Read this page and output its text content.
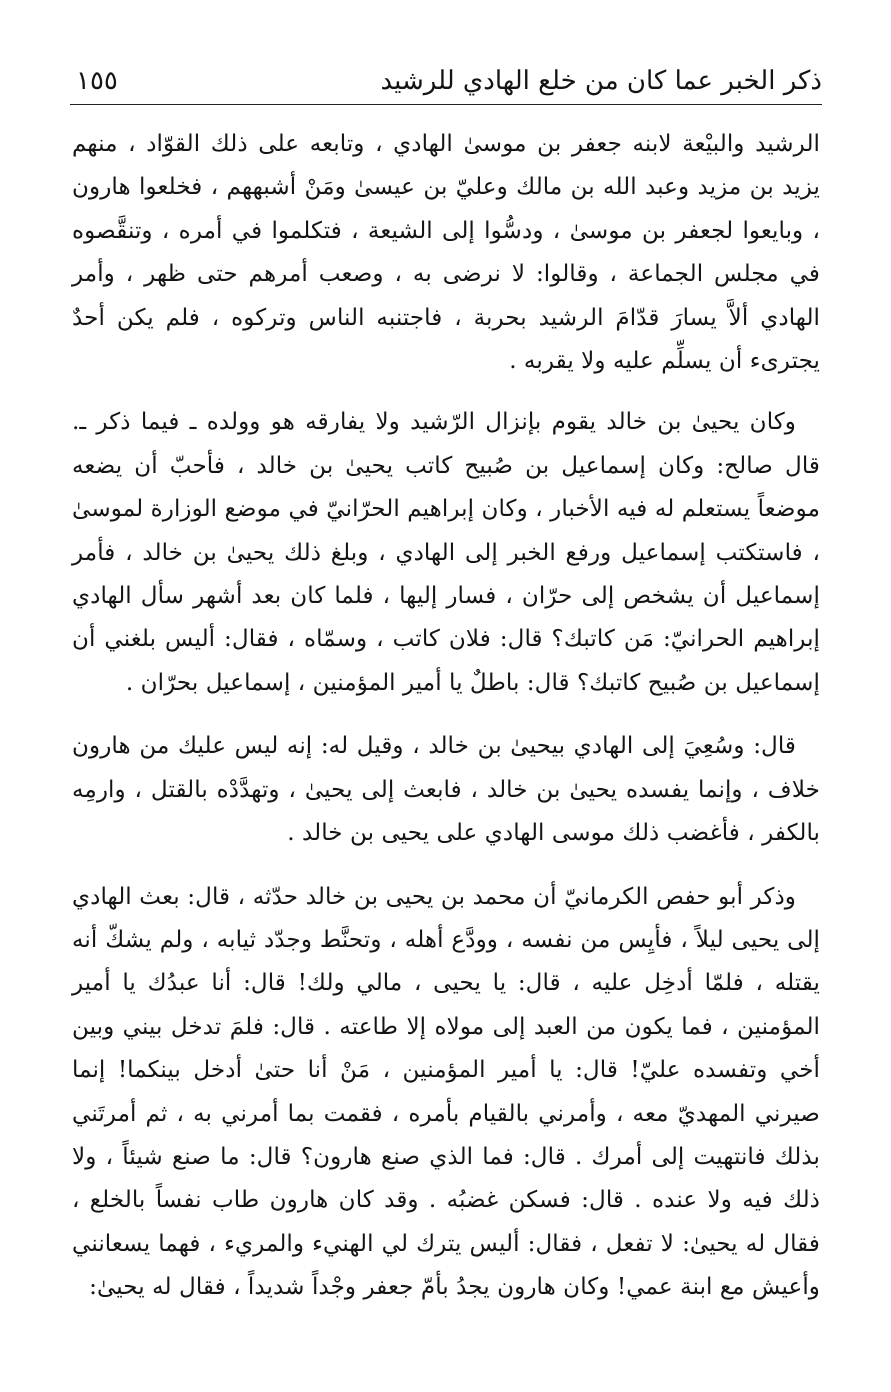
ذكر الخبر عما كان من خلع الهادي للرشيد
١٥٥

الرشيد والبيْعة لابنه جعفر بن موسىٰ الهادي ، وتابعه على ذلك القوّاد ، منهم يزيد بن مزيد وعبد الله بن مالك وعليّ بن عيسىٰ ومَنْ أشبههم ، فخلعوا هارون ، وبايعوا لجعفر بن موسىٰ ، ودسُّوا إلى الشيعة ، فتكلموا في أمره ، وتنقَّصوه في مجلس الجماعة ، وقالوا: لا نرضى به ، وصعب أمرهم حتى ظهر ، وأمر الهادي ألاَّ يسارَ قدّامَ الرشيد بحربة ، فاجتنبه الناس وتركوه ، فلم يكن أحدٌ يجترىء أن يسلِّم عليه ولا يقربه .

وكان يحيىٰ بن خالد يقوم بإنزال الرّشيد ولا يفارقه هو وولده ـ فيما ذكر ـ. قال صالح: وكان إسماعيل بن صُبيح كاتب يحيىٰ بن خالد ، فأحبّ أن يضعه موضعاً يستعلم له فيه الأخبار ، وكان إبراهيم الحرّانيّ في موضع الوزارة لموسىٰ ، فاستكتب إسماعيل ورفع الخبر إلى الهادي ، وبلغ ذلك يحيىٰ بن خالد ، فأمر إسماعيل أن يشخص إلى حرّان ، فسار إليها ، فلما كان بعد أشهر سأل الهادي إبراهيم الحرانيّ: مَن كاتبك؟ قال: فلان كاتب ، وسمّاه ، فقال: أليس بلغني أن إسماعيل بن صُبيح كاتبك؟ قال: باطلٌ يا أمير المؤمنين ، إسماعيل بحرّان .

قال: وسُعِيَ إلى الهادي بيحيىٰ بن خالد ، وقيل له: إنه ليس عليك من هارون خلاف ، وإنما يفسده يحيىٰ بن خالد ، فابعث إلى يحيىٰ ، وتهدَّدْه بالقتل ، وارمِه بالكفر ، فأغضب ذلك موسى الهادي على يحيى بن خالد .

وذكر أبو حفص الكرمانيّ أن محمد بن يحيى بن خالد حدّثه ، قال: بعث الهادي إلى يحيى ليلاً ، فأيِس من نفسه ، وودَّع أهله ، وتحنَّط وجدّد ثيابه ، ولم يشكّ أنه يقتله ، فلمّا أدخِل عليه ، قال: يا يحيى ، مالي ولك! قال: أنا عبدُك يا أمير المؤمنين ، فما يكون من العبد إلى مولاه إلا طاعته . قال: فلمَ تدخل بيني وبين أخي وتفسده عليّ! قال: يا أمير المؤمنين ، مَنْ أنا حتىٰ أدخل بينكما! إنما صيرني المهديّ معه ، وأمرني بالقيام بأمره ، فقمت بما أمرني به ، ثم أمرتَني بذلك فانتهيت إلى أمرك . قال: فما الذي صنع هارون؟ قال: ما صنع شيئاً ، ولا ذلك فيه ولا عنده . قال: فسكن غضبُه . وقد كان هارون طاب نفساً بالخلع ، فقال له يحيىٰ: لا تفعل ، فقال: أليس يترك لي الهنيء والمريء ، فهما يسعانني وأعيش مع ابنة عمي! وكان هارون يجدُ بأمّ جعفر وجْداً شديداً ، فقال له يحيىٰ:
